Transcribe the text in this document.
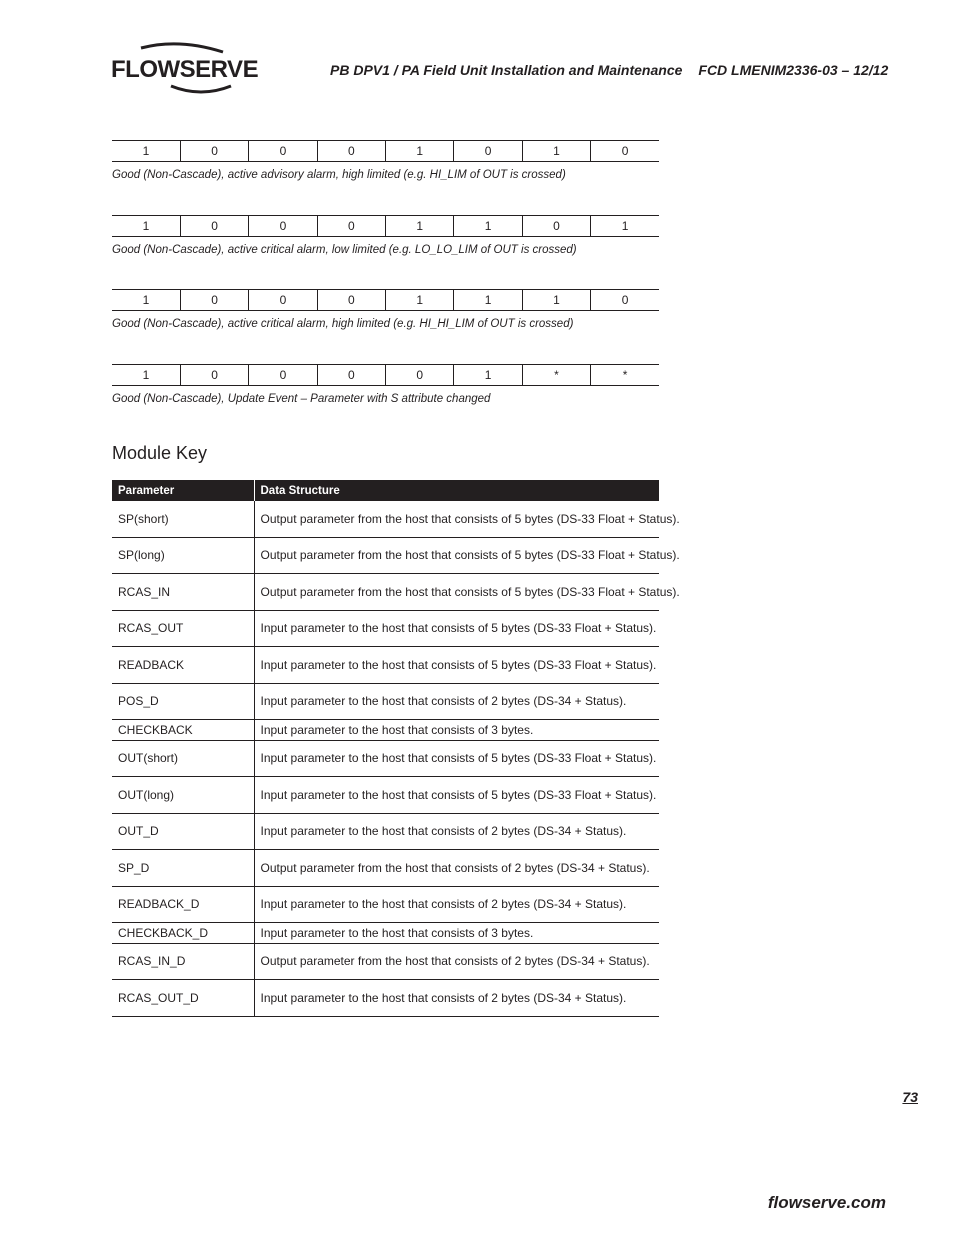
FLOWSERVE	PB DPV1 / PA Field Unit Installation and Maintenance FCD LMENIM2336-03 – 12/12
1	0	0	0	1	0	1	0
Good (Non-Cascade), active advisory alarm, high limited (e.g. HI_LIM of OUT is crossed)
1	0	0	0	1	1	0	1
Good (Non-Cascade), active critical alarm, low limited (e.g. LO_LO_LIM of OUT is crossed)
1	0	0	0	1	1	1	0
Good (Non-Cascade), active critical alarm, high limited (e.g. HI_HI_LIM of OUT is crossed)
1	0	0	0	0	1	*	*
Good (Non-Cascade), Update Event – Parameter with S attribute changed
Module Key
Parameter	Data Structure
SP(short)	Output parameter from the host that consists of 5 bytes (DS-33 Float + Status).
SP(long)	Output parameter from the host that consists of 5 bytes (DS-33 Float + Status).
RCAS_IN	Output parameter from the host that consists of 5 bytes (DS-33 Float + Status).
RCAS_OUT	Input parameter to the host that consists of 5 bytes (DS-33 Float + Status).
READBACK	Input parameter to the host that consists of 5 bytes (DS-33 Float + Status).
POS_D	Input parameter to the host that consists of 2 bytes (DS-34 + Status).
CHECKBACK	Input parameter to the host that consists of 3 bytes.
OUT(short)	Input parameter to the host that consists of 5 bytes (DS-33 Float + Status).
OUT(long)	Input parameter to the host that consists of 5 bytes (DS-33 Float + Status).
OUT_D	Input parameter to the host that consists of 2 bytes (DS-34 + Status).
SP_D	Output parameter from the host that consists of 2 bytes (DS-34 + Status).
READBACK_D	Input parameter to the host that consists of 2 bytes (DS-34 + Status).
CHECKBACK_D	Input parameter to the host that consists of 3 bytes.
RCAS_IN_D	Output parameter from the host that consists of 2 bytes (DS-34 + Status).
RCAS_OUT_D	Input parameter to the host that consists of 2 bytes (DS-34 + Status).
73
flowserve.com
